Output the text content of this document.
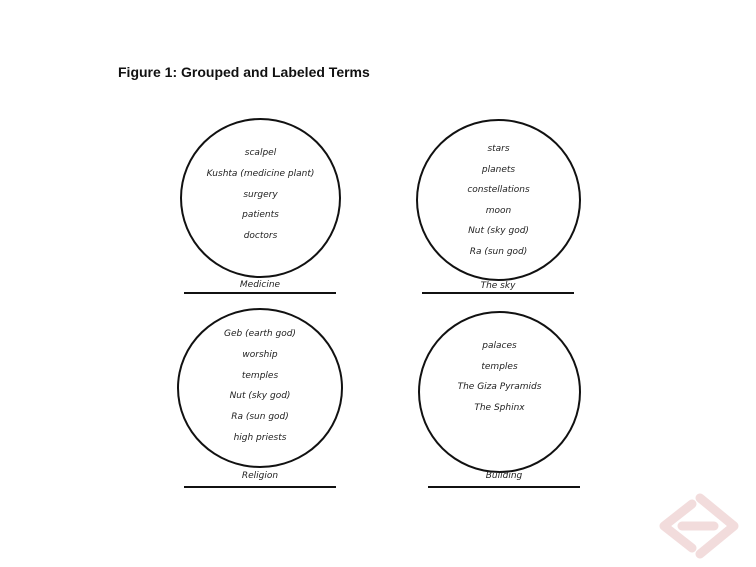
Figure 1: Grouped and Labeled Terms
scalpel
Kushta (medicine plant)
surgery
patients
doctors
Medicine
stars
planets
constellations
moon
Nut (sky god)
Ra (sun god)
The sky
Geb (earth god)
worship
temples
Nut (sky god)
Ra (sun god)
high priests
Religion
palaces
temples
The Giza Pyramids
The Sphinx
Building
